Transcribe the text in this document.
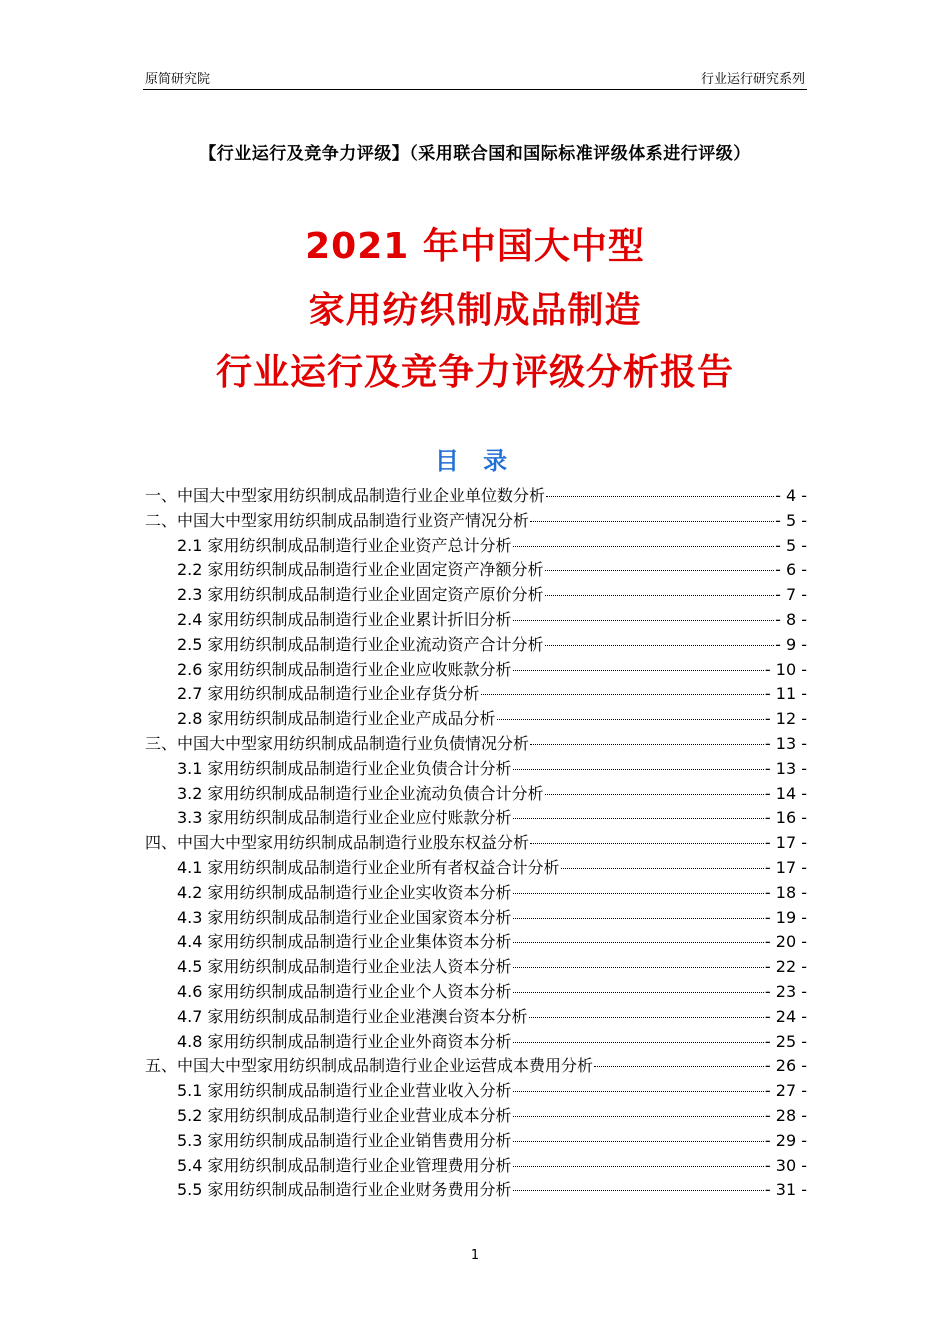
原简研究院	行业运行研究系列
【行业运行及竞争力评级】（采用联合国和国际标准评级体系进行评级）
2021 年中国大中型
家用纺织制成品制造
行业运行及竞争力评级分析报告
目 录
一、中国大中型家用纺织制成品制造行业企业单位数分析	- 4 -
二、中国大中型家用纺织制成品制造行业资产情况分析	- 5 -
2.1 家用纺织制成品制造行业企业资产总计分析	- 5 -
2.2 家用纺织制成品制造行业企业固定资产净额分析	- 6 -
2.3 家用纺织制成品制造行业企业固定资产原价分析	- 7 -
2.4 家用纺织制成品制造行业企业累计折旧分析	- 8 -
2.5 家用纺织制成品制造行业企业流动资产合计分析	- 9 -
2.6 家用纺织制成品制造行业企业应收账款分析	- 10 -
2.7 家用纺织制成品制造行业企业存货分析	- 11 -
2.8 家用纺织制成品制造行业企业产成品分析	- 12 -
三、中国大中型家用纺织制成品制造行业负债情况分析	- 13 -
3.1 家用纺织制成品制造行业企业负债合计分析	- 13 -
3.2 家用纺织制成品制造行业企业流动负债合计分析	- 14 -
3.3 家用纺织制成品制造行业企业应付账款分析	- 16 -
四、中国大中型家用纺织制成品制造行业股东权益分析	- 17 -
4.1 家用纺织制成品制造行业企业所有者权益合计分析	- 17 -
4.2 家用纺织制成品制造行业企业实收资本分析	- 18 -
4.3 家用纺织制成品制造行业企业国家资本分析	- 19 -
4.4 家用纺织制成品制造行业企业集体资本分析	- 20 -
4.5 家用纺织制成品制造行业企业法人资本分析	- 22 -
4.6 家用纺织制成品制造行业企业个人资本分析	- 23 -
4.7 家用纺织制成品制造行业企业港澳台资本分析	- 24 -
4.8 家用纺织制成品制造行业企业外商资本分析	- 25 -
五、中国大中型家用纺织制成品制造行业企业运营成本费用分析	- 26 -
5.1 家用纺织制成品制造行业企业营业收入分析	- 27 -
5.2 家用纺织制成品制造行业企业营业成本分析	- 28 -
5.3 家用纺织制成品制造行业企业销售费用分析	- 29 -
5.4 家用纺织制成品制造行业企业管理费用分析	- 30 -
5.5 家用纺织制成品制造行业企业财务费用分析	- 31 -
1
